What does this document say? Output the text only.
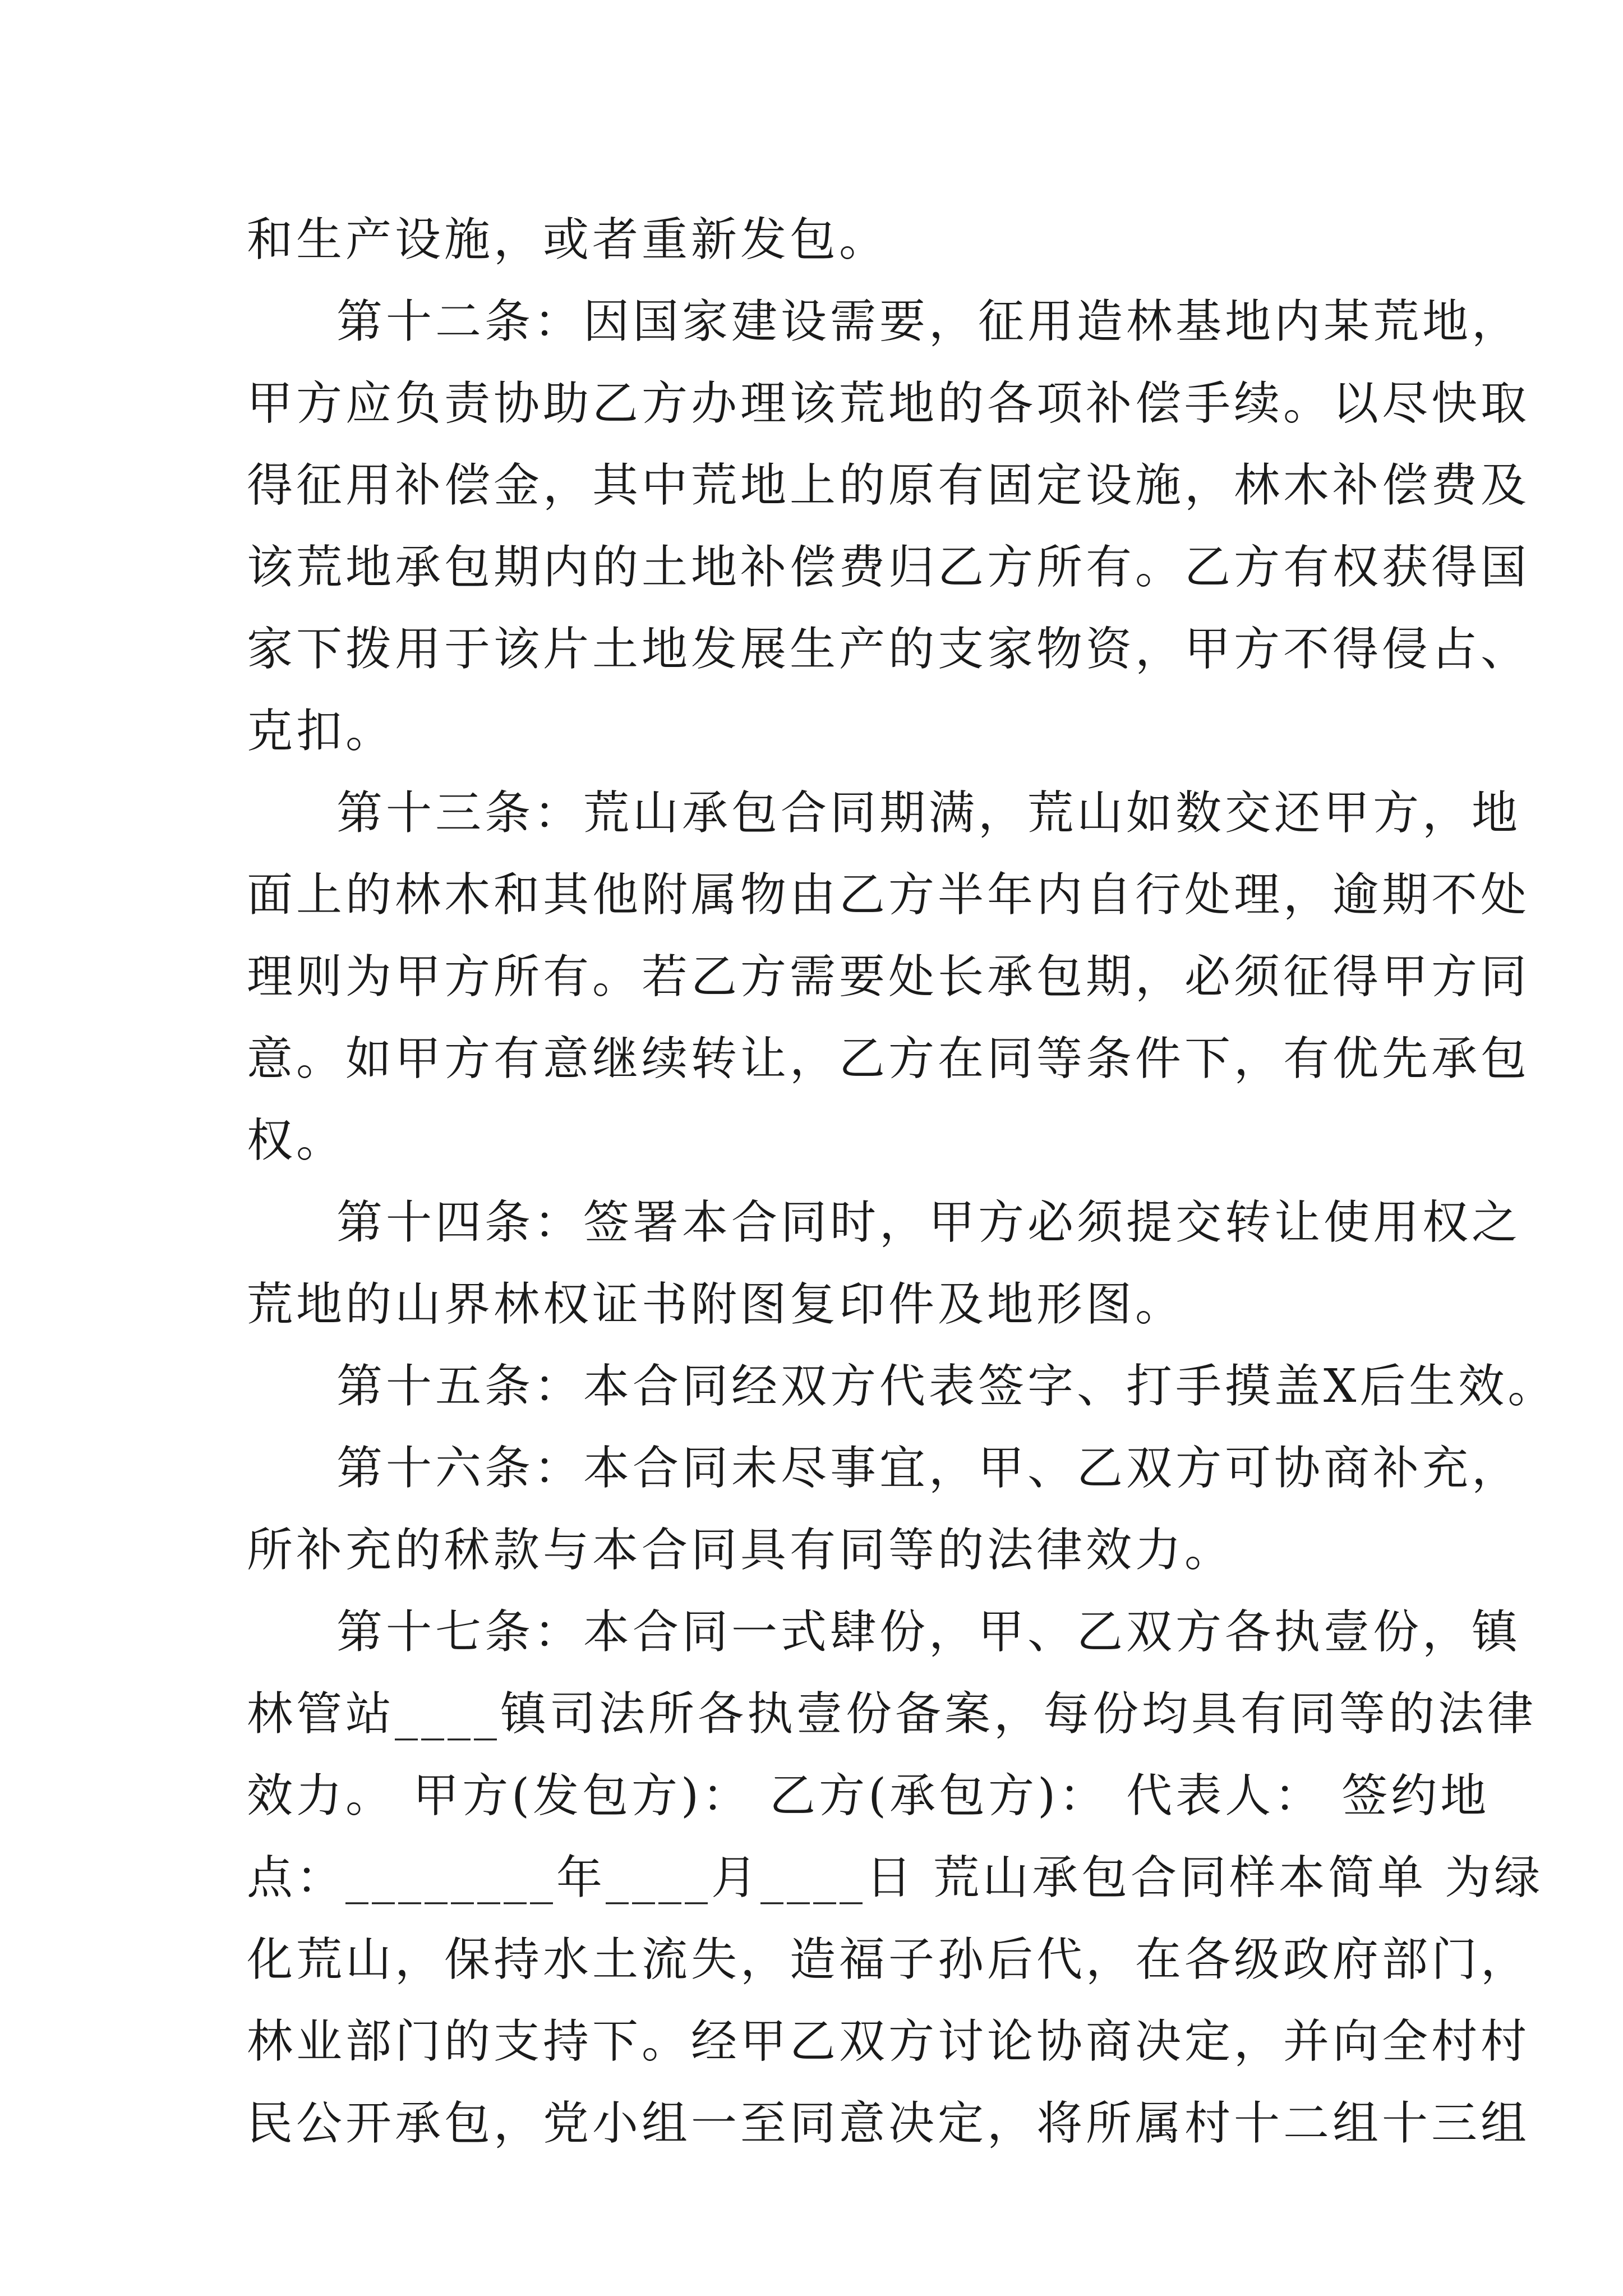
和生产设施，或者重新发包。
第十二条：因国家建设需要，征用造林基地内某荒地，
甲方应负责协助乙方办理该荒地的各项补偿手续。以尽快取
得征用补偿金，其中荒地上的原有固定设施，林木补偿费及
该荒地承包期内的土地补偿费归乙方所有。乙方有权获得国
家下拨用于该片土地发展生产的支家物资，甲方不得侵占、
克扣。
第十三条：荒山承包合同期满，荒山如数交还甲方，地
面上的林木和其他附属物由乙方半年内自行处理，逾期不处
理则为甲方所有。若乙方需要处长承包期，必须征得甲方同
意。如甲方有意继续转让，乙方在同等条件下，有优先承包
权。
第十四条：签署本合同时，甲方必须提交转让使用权之
荒地的山界林权证书附图复印件及地形图。
第十五条：本合同经双方代表签字、打手摸盖X后生效。
第十六条：本合同未尽事宜，甲、乙双方可协商补充，
所补充的秫款与本合同具有同等的法律效力。
第十七条：本合同一式肆份，甲、乙双方各执壹份，镇
林管站____镇司法所各执壹份备案，每份均具有同等的法律
效力。 甲方(发包方)： 乙方(承包方)： 代表人： 签约地
点：________年____月____日 荒山承包合同样本简单 为绿
化荒山，保持水土流失，造福子孙后代，在各级政府部门，
林业部门的支持下。经甲乙双方讨论协商决定，并向全村村
民公开承包，党小组一至同意决定，将所属村十二组十三组
